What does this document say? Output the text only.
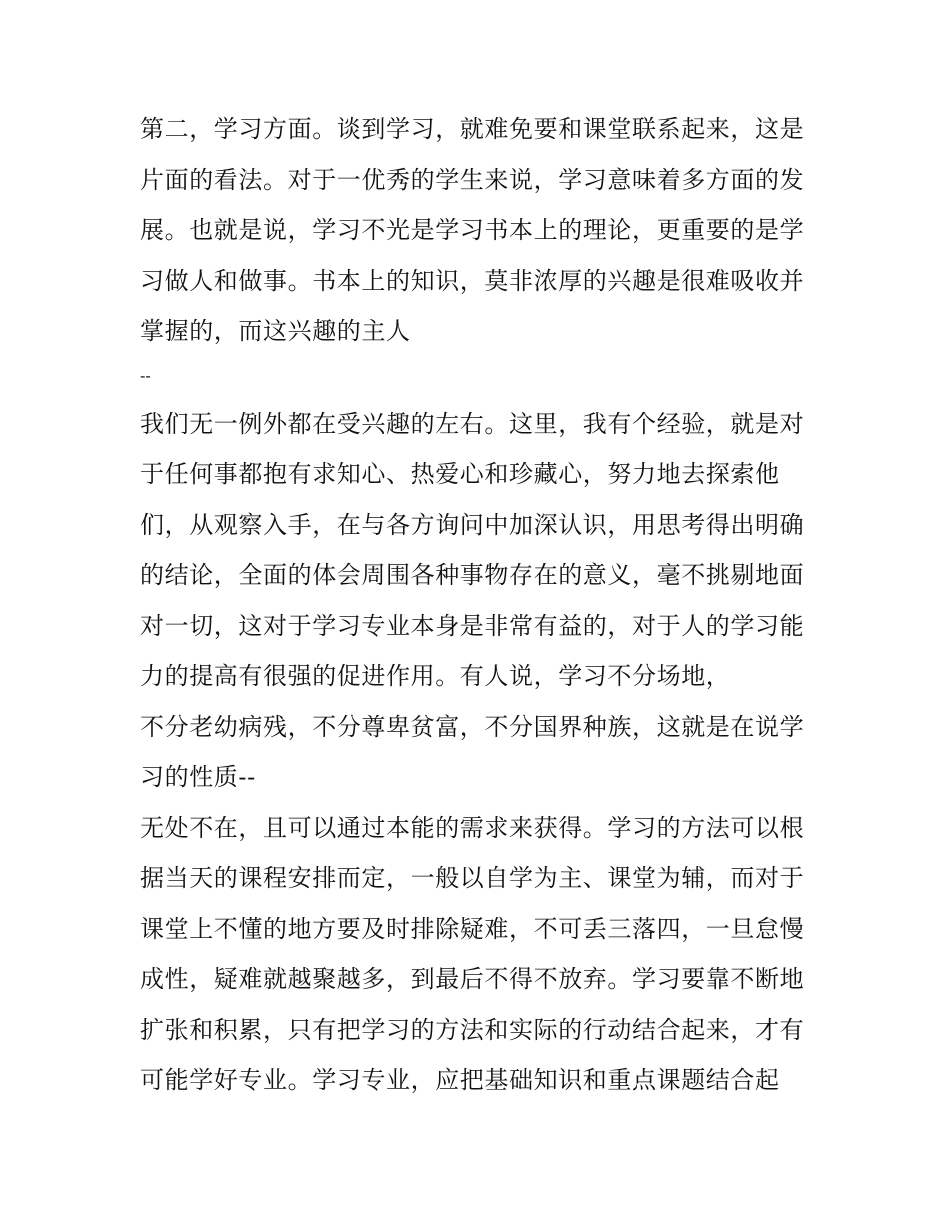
第二，学习方面。谈到学习，就难免要和课堂联系起来，这是
片面的看法。对于一优秀的学生来说，学习意味着多方面的发
展。也就是说，学习不光是学习书本上的理论，更重要的是学
习做人和做事。书本上的知识，莫非浓厚的兴趣是很难吸收并
掌握的，而这兴趣的主人
--
我们无一例外都在受兴趣的左右。这里，我有个经验，就是对
于任何事都抱有求知心、热爱心和珍藏心，努力地去探索他
们，从观察入手，在与各方询问中加深认识，用思考得出明确
的结论，全面的体会周围各种事物存在的意义，毫不挑剔地面
对一切，这对于学习专业本身是非常有益的，对于人的学习能
力的提高有很强的促进作用。有人说，学习不分场地，
不分老幼病残，不分尊卑贫富，不分国界种族，这就是在说学
习的性质--
无处不在，且可以通过本能的需求来获得。学习的方法可以根
据当天的课程安排而定，一般以自学为主、课堂为辅，而对于
课堂上不懂的地方要及时排除疑难，不可丢三落四，一旦怠慢
成性，疑难就越聚越多，到最后不得不放弃。学习要靠不断地
扩张和积累，只有把学习的方法和实际的行动结合起来，才有
可能学好专业。学习专业，应把基础知识和重点课题结合起
